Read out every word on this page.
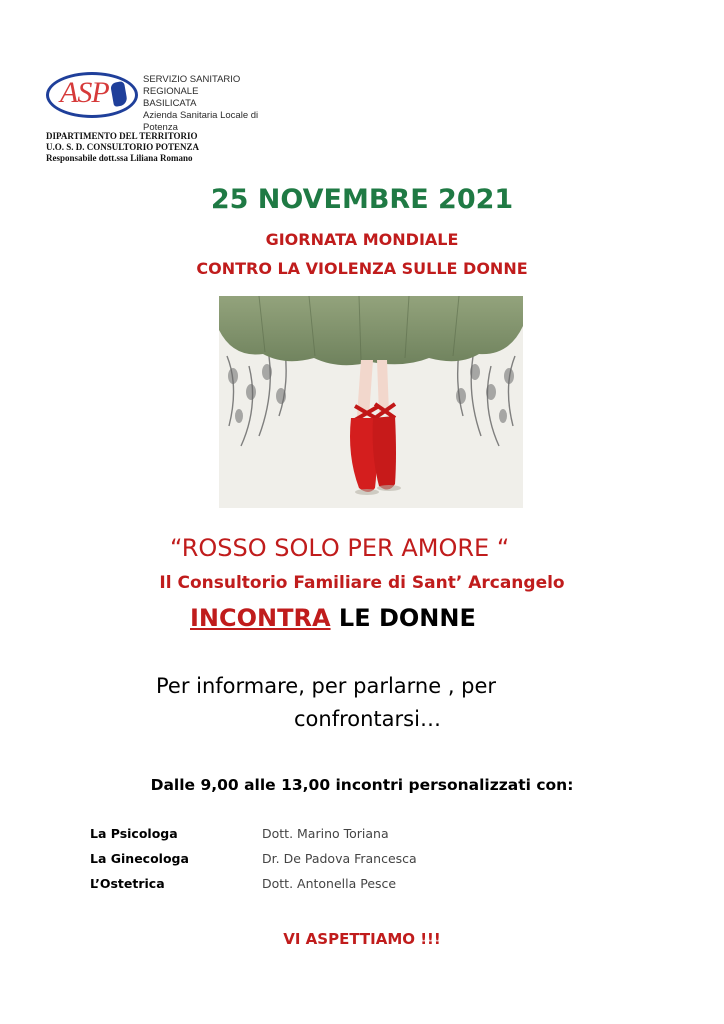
ASP	SERVIZIO SANITARIO REGIONALE
BASILICATA
Azienda Sanitaria Locale di Potenza
DIPARTIMENTO DEL TERRITORIO
U.O. S. D. CONSULTORIO POTENZA
Responsabile dott.ssa Liliana Romano
25 NOVEMBRE 2021
GIORNATA MONDIALE
CONTRO LA VIOLENZA SULLE DONNE
“ROSSO SOLO PER AMORE “
Il Consultorio Familiare di Sant’ Arcangelo
INCONTRA LE DONNE
Per informare, per parlarne , per
confrontarsi…
Dalle 9,00 alle 13,00 incontri personalizzati con:
La Psicologa	Dott. Marino Toriana
La Ginecologa	Dr. De Padova Francesca
L’Ostetrica	Dott. Antonella Pesce
VI ASPETTIAMO !!!
